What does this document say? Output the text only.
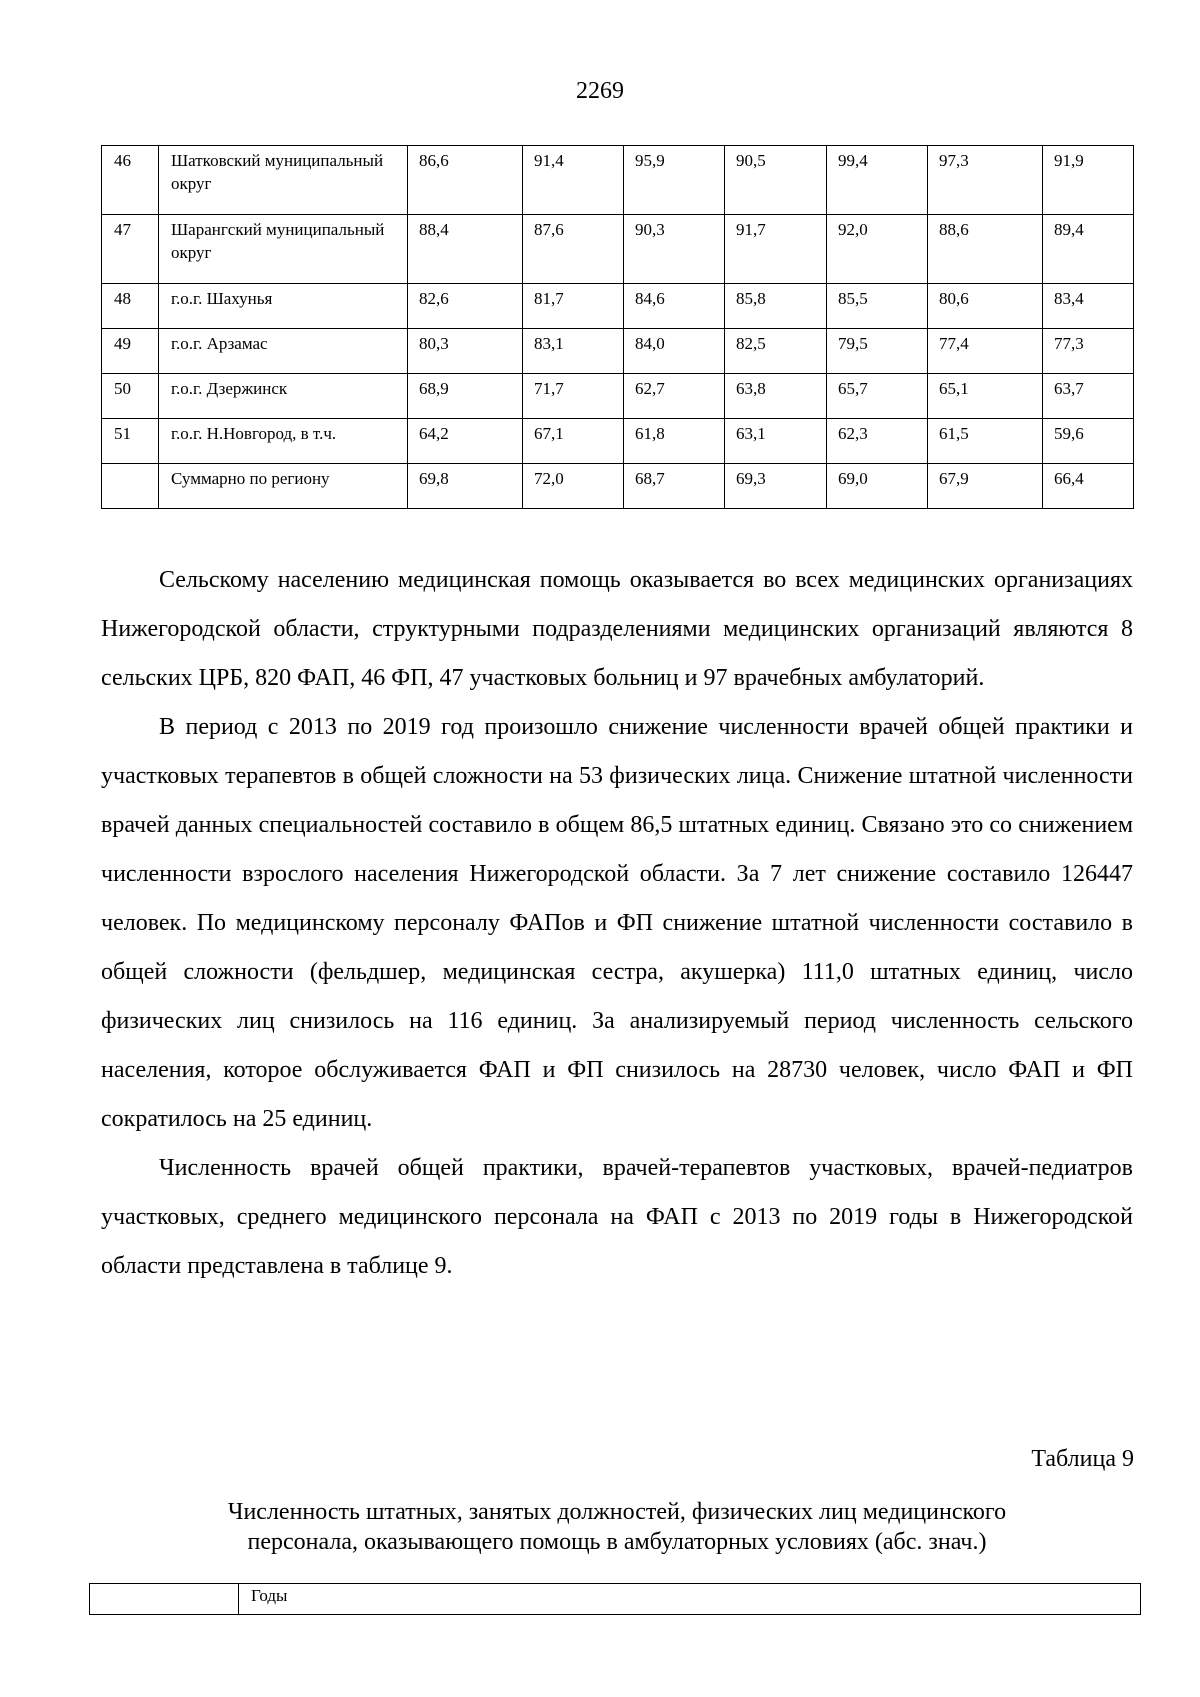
2269
46	Шатковский муниципальный округ	86,6	91,4	95,9	90,5	99,4	97,3	91,9
47	Шарангский муниципальный округ	88,4	87,6	90,3	91,7	92,0	88,6	89,4
48	г.о.г. Шахунья	82,6	81,7	84,6	85,8	85,5	80,6	83,4
49	г.о.г. Арзамас	80,3	83,1	84,0	82,5	79,5	77,4	77,3
50	г.о.г. Дзержинск	68,9	71,7	62,7	63,8	65,7	65,1	63,7
51	г.о.г. Н.Новгород, в т.ч.	64,2	67,1	61,8	63,1	62,3	61,5	59,6
	Суммарно по региону	69,8	72,0	68,7	69,3	69,0	67,9	66,4

Сельскому населению медицинская помощь оказывается во всех медицинских организациях Нижегородской области, структурными подразделениями медицинских организаций являются 8 сельских ЦРБ, 820 ФАП, 46 ФП, 47 участковых больниц и 97 врачебных амбулаторий.

В период с 2013 по 2019 год произошло снижение численности врачей общей практики и участковых терапевтов в общей сложности на 53 физических лица. Снижение штатной численности врачей данных специальностей составило в общем 86,5 штатных единиц. Связано это со снижением численности взрослого населения Нижегородской области. За 7 лет снижение составило 126447 человек. По медицинскому персоналу ФАПов и ФП снижение штатной численности составило в общей сложности (фельдшер, медицинская сестра, акушерка) 111,0 штатных единиц, число физических лиц снизилось на 116 единиц. За анализируемый период численность сельского населения, которое обслуживается ФАП и ФП снизилось на 28730 человек, число ФАП и ФП сократилось на 25 единиц.

Численность врачей общей практики, врачей-терапевтов участковых, врачей-педиатров участковых, среднего медицинского персонала на ФАП с 2013 по 2019 годы в Нижегородской области представлена в таблице 9.

Таблица 9
Численность штатных, занятых должностей, физических лиц медицинского
персонала, оказывающего помощь в амбулаторных условиях (абс. знач.)
	Годы
